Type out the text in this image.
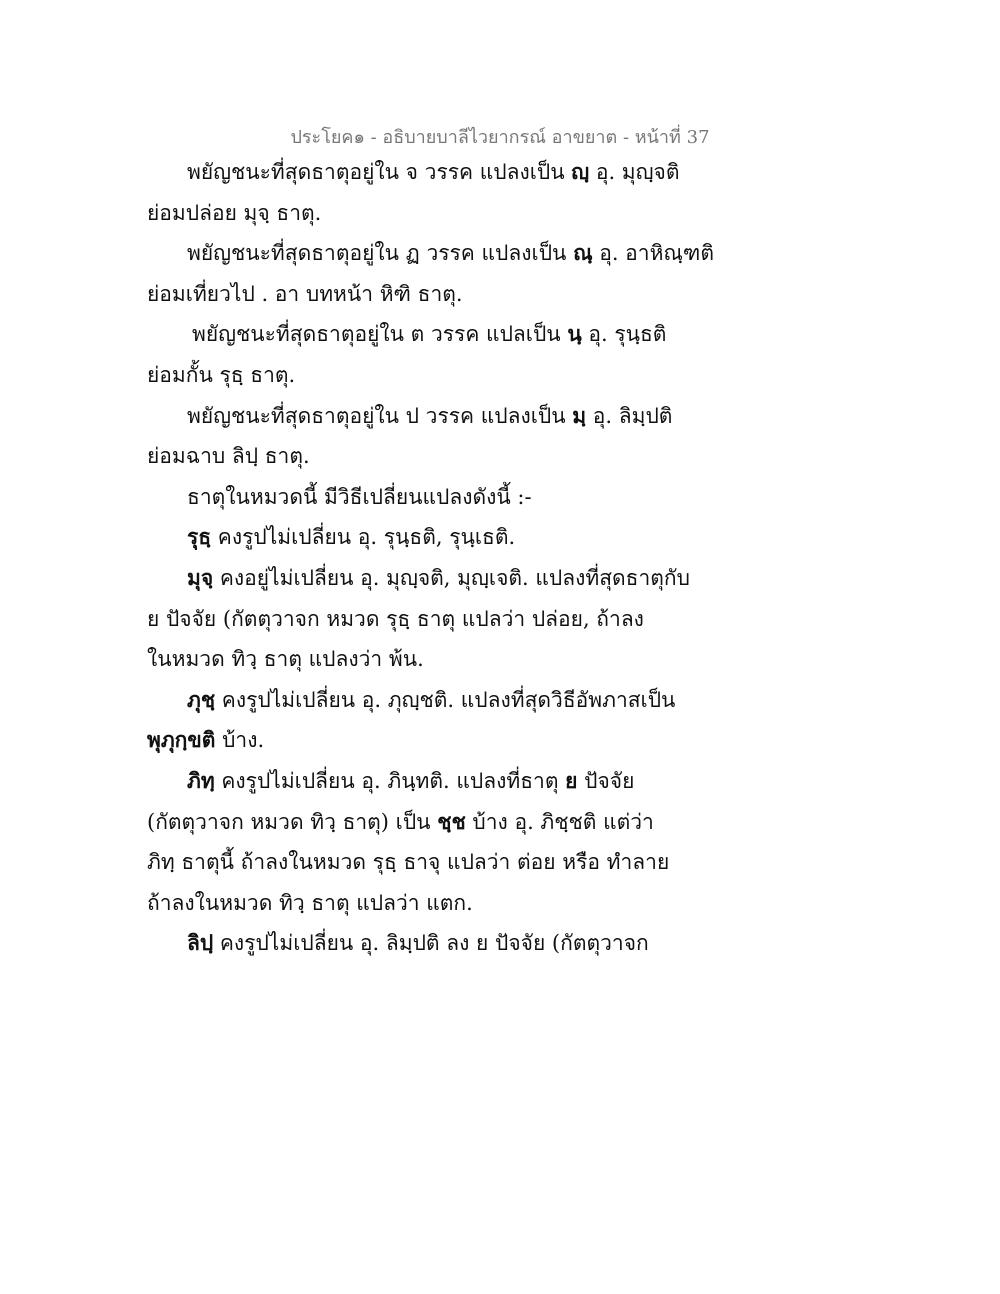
ประโยค๑ - อธิบายบาลีไวยากรณ์ อาขยาต - หน้าที่ 37
พยัญชนะที่สุดธาตุอยู่ใน จ วรรค แปลงเป็น ญฺ อุ. มุญฺจติ
ย่อมปล่อย มุจฺ ธาตุ.
พยัญชนะที่สุดธาตุอยู่ใน ฏ วรรค แปลงเป็น ณฺ อุ. อาหิณฺฑติ
ย่อมเที่ยวไป . อา บทหน้า หิฑิ ธาตุ.
พยัญชนะที่สุดธาตุอยู่ใน ต วรรค แปลเป็น นฺ อุ. รุนฺธติ
ย่อมกั้น รุธฺ ธาตุ.
พยัญชนะที่สุดธาตุอยู่ใน ป วรรค แปลงเป็น มฺ อุ. ลิมฺปติ
ย่อมฉาบ ลิปฺ ธาตุ.
ธาตุในหมวดนี้ มีวิธีเปลี่ยนแปลงดังนี้ :-
รุธฺ คงรูปไม่เปลี่ยน อุ. รุนฺธติ, รุนฺเธติ.
มุจฺ คงอยู่ไม่เปลี่ยน อุ. มุญฺจติ, มุญฺเจติ. แปลงที่สุดธาตุกับ
ย ปัจจัย (กัตตุวาจก หมวด รุธฺ ธาตุ แปลว่า ปล่อย, ถ้าลง
ในหมวด ทิวฺ ธาตุ แปลงว่า พ้น.
ภุชฺ คงรูปไม่เปลี่ยน อุ. ภุญฺชติ. แปลงที่สุดวิธีอัพภาสเป็น
พุภุกฺขติ บ้าง.
ภิทฺ คงรูปไม่เปลี่ยน อุ. ภินฺทติ. แปลงที่ธาตุ ย ปัจจัย
(กัตตุวาจก หมวด ทิวฺ ธาตุ) เป็น ชฺช บ้าง อุ. ภิชฺชติ แต่ว่า
ภิทฺ ธาตุนี้ ถ้าลงในหมวด รุธฺ ธาจุ แปลว่า ต่อย หรือ ทำลาย
ถ้าลงในหมวด ทิวฺ ธาตุ แปลว่า แตก.
ลิปฺ คงรูปไม่เปลี่ยน อุ. ลิมฺปติ ลง ย ปัจจัย (กัตตุวาจก
